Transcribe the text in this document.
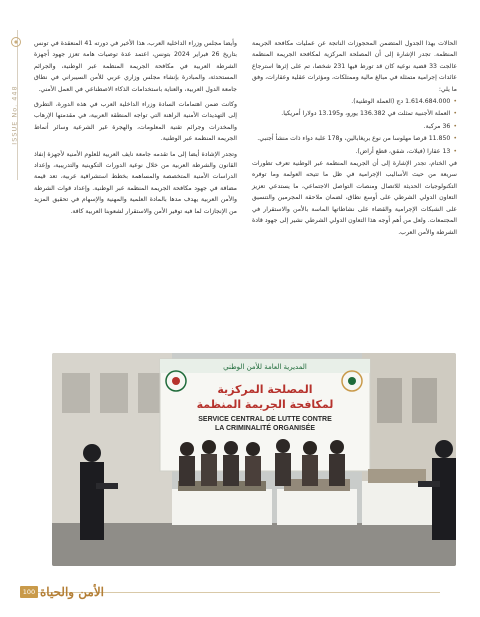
ISSUE No. 448

الحالات بهذا الجدول المتضمن المحجوزات الناتجة عن عمليات مكافحة الجريمة المنظمة. تجدر الإشارة إلى أن المصلحة المركزية لمكافحة الجريمة المنظمة عالجت 33 قضية نوعية كان قد تورط فيها 231 شخصا، تم على إثرها استرجاع عائدات إجرامية متمثلة في مبالغ مالية وممتلكات، ومؤثرات عقلية وعقارات، وفق ما يلي:

• 1.614.684.000 دج (العملة الوطنية).

• العملة الأجنبية تمثلت في 136.382 يورو، و13.195 دولارا أمريكيا.

• 36 مركبة.

• 11.850 قرصا مهلوسا من نوع بريغابالين، و178 علبة دواء ذات منشأ أجنبي.

• 13 عقارا (فيلات، شقق، قطع أراض).

في الختام، تجدر الإشارة إلى أن الجريمة المنظمة عبر الوطنية تعرف تطورات سريعة من حيث الأساليب الإجرامية في ظل ما تتيحه العولمة وما توفره التكنولوجيات الحديثة للاتصال ومنصات التواصل الاجتماعي، ما يستدعي تعزيز التعاون الدولي الشرطي على أوسع نطاق، لضمان ملاحقة المجرمين والتنسيق على الشبكات الإجرامية والقضاء على نشاطاتها الماسة بالأمن والاستقرار في المجتمعات. ولعل من أهم أوجه هذا التعاون الدولي الشرطي نشير إلى جهود قادة الشرطة والأمن العرب.

وأيضا مجلس وزراء الداخلية العرب، هذا الأخير في دورته 41 المنعقدة في تونس بتاريخ 26 فبراير 2024 بتونس، اعتمد عدة توصيات هامة تعزز جهود أجهزة الشرطة العربية في مكافحة الجريمة المنظمة عبر الوطنية، والجرائم المستحدثة، والمبادرة بإنشاء مجلس وزاري عربي للأمن السيبراني في نطاق جامعة الدول العربية، والعناية باستخدامات الذكاء الاصطناعي في العمل الأمني.

وكانت ضمن اهتمامات السادة وزراء الداخلية العرب في هذه الدورة، التطرق إلى التهديدات الأمنية الراهنة التي تواجه المنطقة العربية، في مقدمتها الإرهاب والمخدرات وجرائم تقنية المعلومات، والهجرة غير الشرعية وسائر أنماط الجريمة المنظمة عبر الوطنية.

وتجدر الإشادة أيضا إلى ما تقدمه جامعة نايف العربية للعلوم الأمنية لأجهزة إنفاذ القانون والشرطة العربية من خلال نوعية الدورات التكوينية والتدريبية، وإعداد الدراسات الأمنية المتخصصة والمساهمة بخطط استشرافية عربية، تعد قيمة مضافة في جهود مكافحة الجريمة المنظمة عبر الوطنية. وإعداد قوات الشرطة والأمن العربية يهدف مدها بالمادة العلمية والمهنية والإسهام في تحقيق المزيد من الإنجازات لما فيه توفير الأمن والاستقرار لشعوبنا العربية كافة.

المديرية العامة للأمن الوطني
المصلحة المركزية
لمكافحة الجريمة المنظمة
SERVICE CENTRAL DE LUTTE CONTRE
LA CRIMINALITÉ ORGANISÉE
100 الأمن والحياة
